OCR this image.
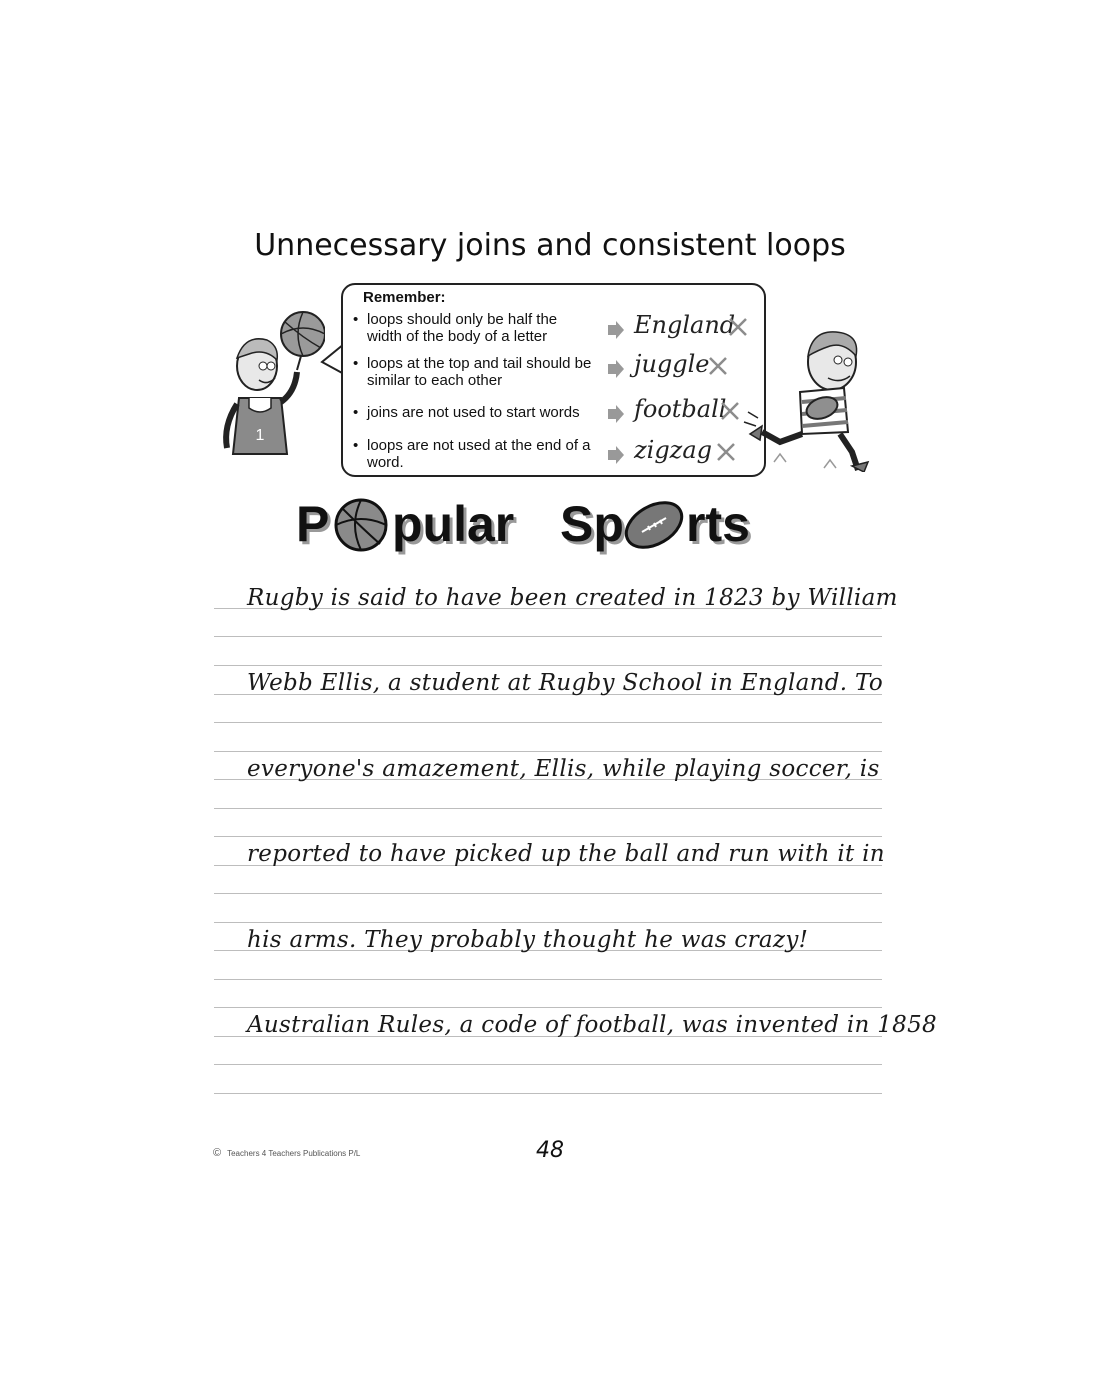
Unnecessary joins and consistent loops
1
Remember:
• loops should only be half the width of the body of a letter
• loops at the top and tail should be similar to each other
• joins are not used to start words
• loops are not used at the end of a word.
England
juggle
football
zigzag
P pular Sp rts
Rugby is said to have been created in 1823 by William
Webb Ellis, a student at Rugby School in England. To
everyone's amazement, Ellis, while playing soccer, is
reported to have picked up the ball and run with it in
his arms. They probably thought he was crazy!
Australian Rules, a code of football, was invented in 1858
© Teachers 4 Teachers Publications P/L	48
